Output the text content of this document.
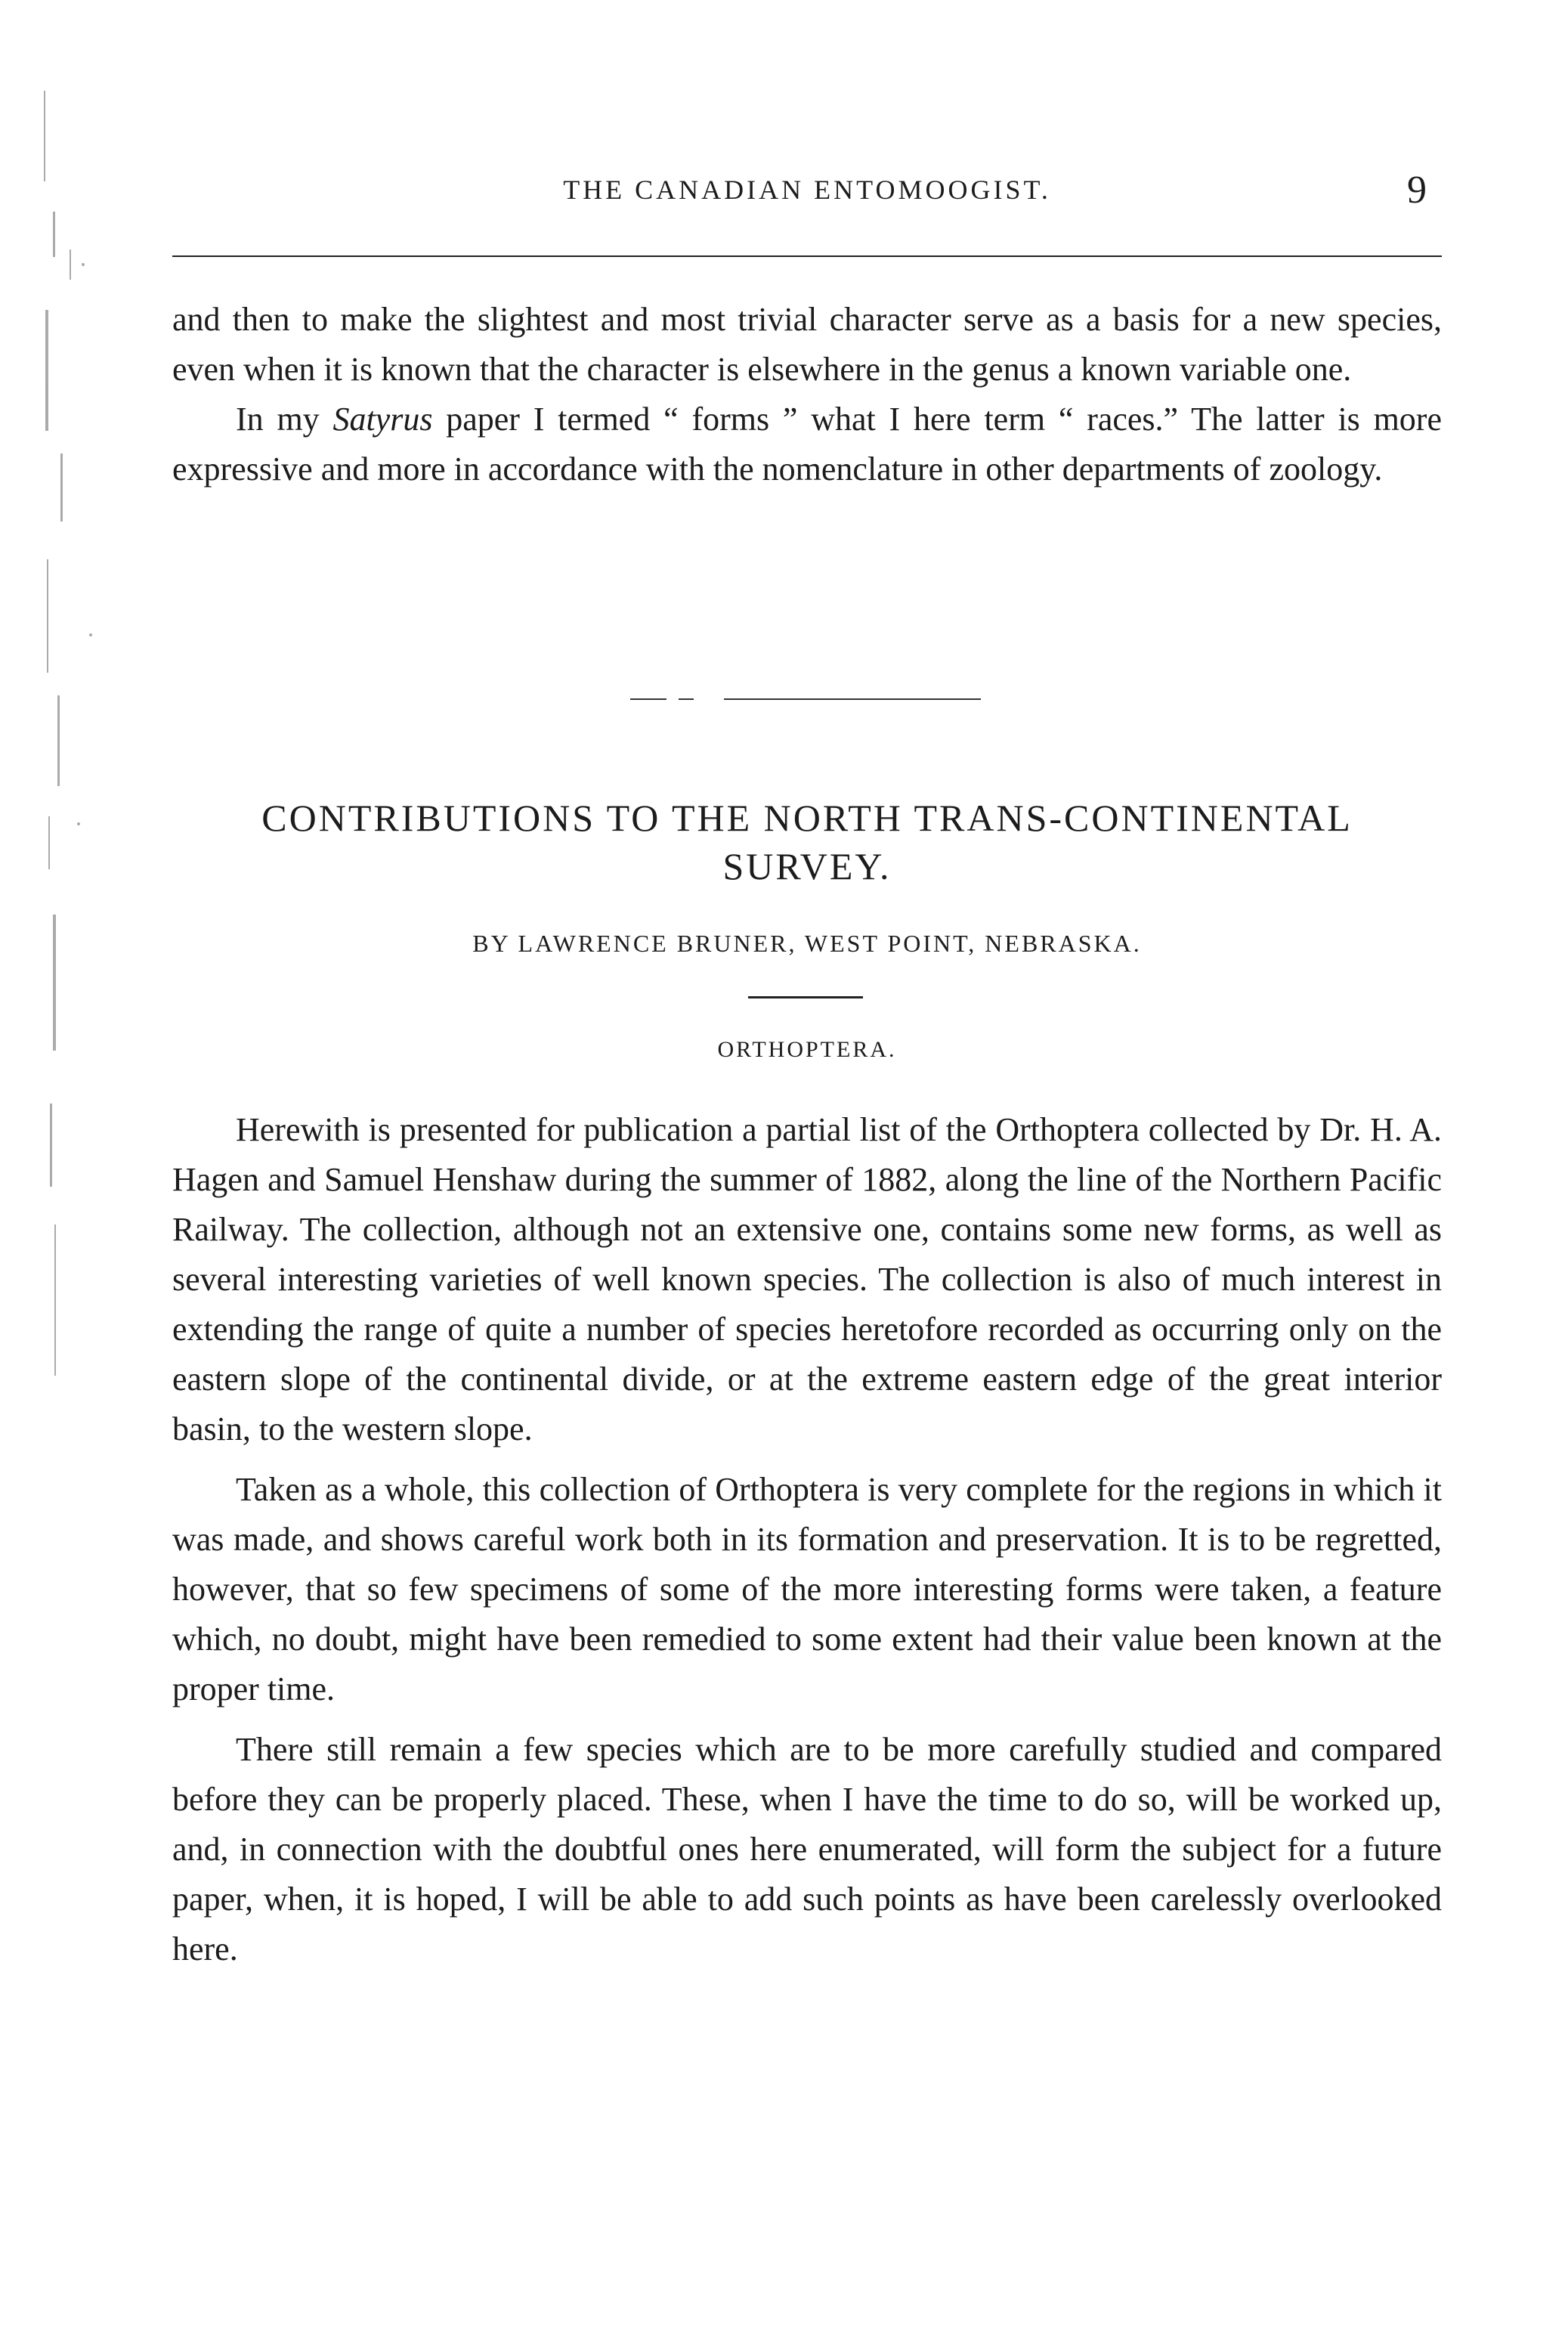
THE CANADIAN ENTOMOOGIST.	9

and then to make the slightest and most trivial character serve as a basis for a new species, even when it is known that the character is elsewhere in the genus a known variable one.

In my Satyrus paper I termed “ forms ” what I here term “ races.” The latter is more expressive and more in accordance with the nomenclature in other departments of zoology.

CONTRIBUTIONS TO THE NORTH TRANS-CONTINENTAL
SURVEY.
BY LAWRENCE BRUNER, WEST POINT, NEBRASKA.
ORTHOPTERA.

Herewith is presented for publication a partial list of the Orthoptera collected by Dr. H. A. Hagen and Samuel Henshaw during the summer of 1882, along the line of the Northern Pacific Railway. The collection, although not an extensive one, contains some new forms, as well as several interesting varieties of well known species. The collection is also of much interest in extending the range of quite a number of species heretofore recorded as occurring only on the eastern slope of the continental divide, or at the extreme eastern edge of the great interior basin, to the western slope.

Taken as a whole, this collection of Orthoptera is very complete for the regions in which it was made, and shows careful work both in its formation and preservation. It is to be regretted, however, that so few specimens of some of the more interesting forms were taken, a feature which, no doubt, might have been remedied to some extent had their value been known at the proper time.

There still remain a few species which are to be more carefully studied and compared before they can be properly placed. These, when I have the time to do so, will be worked up, and, in connection with the doubtful ones here enumerated, will form the subject for a future paper, when, it is hoped, I will be able to add such points as have been carelessly overlooked here.
